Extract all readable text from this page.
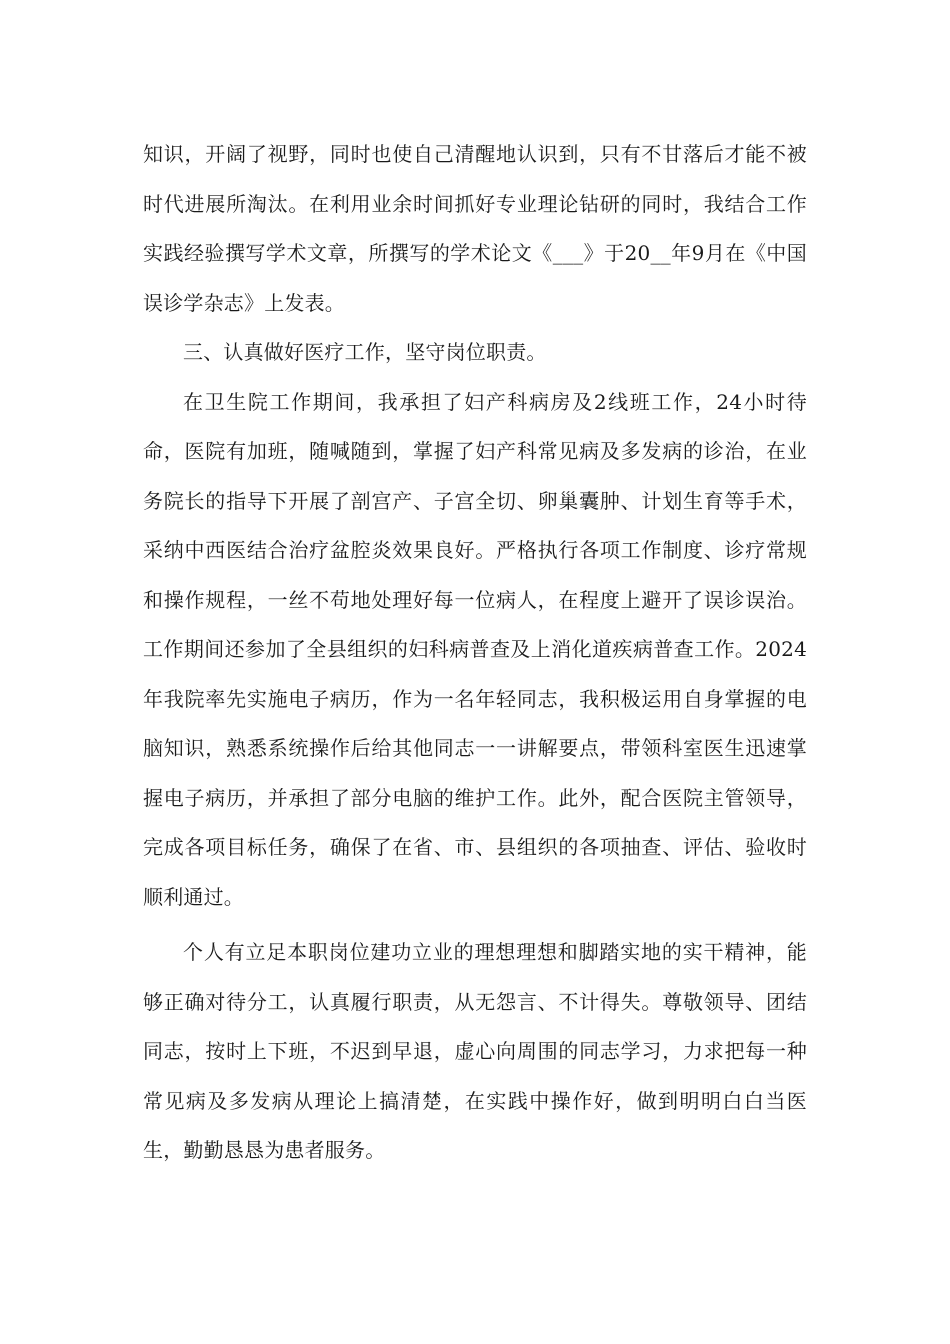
知识，开阔了视野，同时也使自己清醒地认识到，只有不甘落后才能不被时代进展所淘汰。在利用业余时间抓好专业理论钻研的同时，我结合工作实践经验撰写学术文章，所撰写的学术论文《___》于20__年9月在《中国误诊学杂志》上发表。

三、认真做好医疗工作，坚守岗位职责。

在卫生院工作期间，我承担了妇产科病房及2线班工作，24小时待命，医院有加班，随喊随到，掌握了妇产科常见病及多发病的诊治，在业务院长的指导下开展了剖宫产、子宫全切、卵巢囊肿、计划生育等手术，采纳中西医结合治疗盆腔炎效果良好。严格执行各项工作制度、诊疗常规和操作规程，一丝不苟地处理好每一位病人，在程度上避开了误诊误治。工作期间还参加了全县组织的妇科病普查及上消化道疾病普查工作。2024年我院率先实施电子病历，作为一名年轻同志，我积极运用自身掌握的电脑知识，熟悉系统操作后给其他同志一一讲解要点，带领科室医生迅速掌握电子病历，并承担了部分电脑的维护工作。此外，配合医院主管领导，完成各项目标任务，确保了在省、市、县组织的各项抽查、评估、验收时顺利通过。

个人有立足本职岗位建功立业的理想理想和脚踏实地的实干精神，能够正确对待分工，认真履行职责，从无怨言、不计得失。尊敬领导、团结同志，按时上下班，不迟到早退，虚心向周围的同志学习，力求把每一种常见病及多发病从理论上搞清楚，在实践中操作好，做到明明白白当医生，勤勤恳恳为患者服务。
